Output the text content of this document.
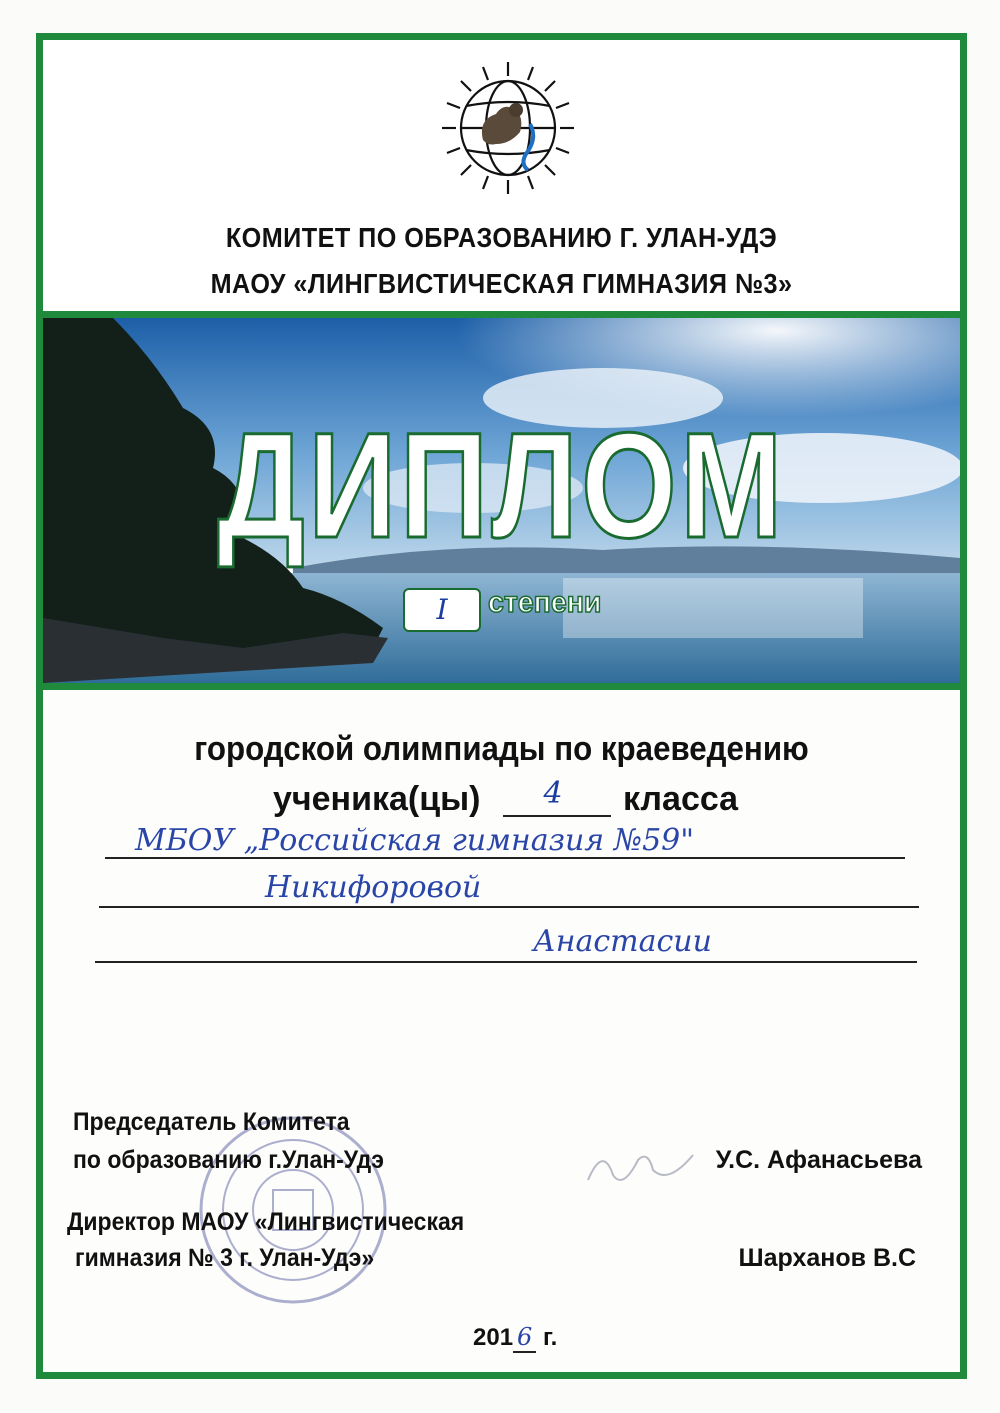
КОМИТЕТ ПО ОБРАЗОВАНИЮ Г. УЛАН-УДЭ
МАОУ «ЛИНГВИСТИЧЕСКАЯ ГИМНАЗИЯ №3»
ДИПЛОМ
I	степени
городской олимпиады по краеведению
ученика(цы)	4	класса
МБОУ „Российская гимназия №59"
Никифоровой
Анастасии
Председатель Комитета
по образованию г.Улан-Удэ	У.С. Афанасьева
Директор МАОУ «Лингвистическая
гимназия № 3 г. Улан-Удэ»	Шарханов В.С
201 6 г.
